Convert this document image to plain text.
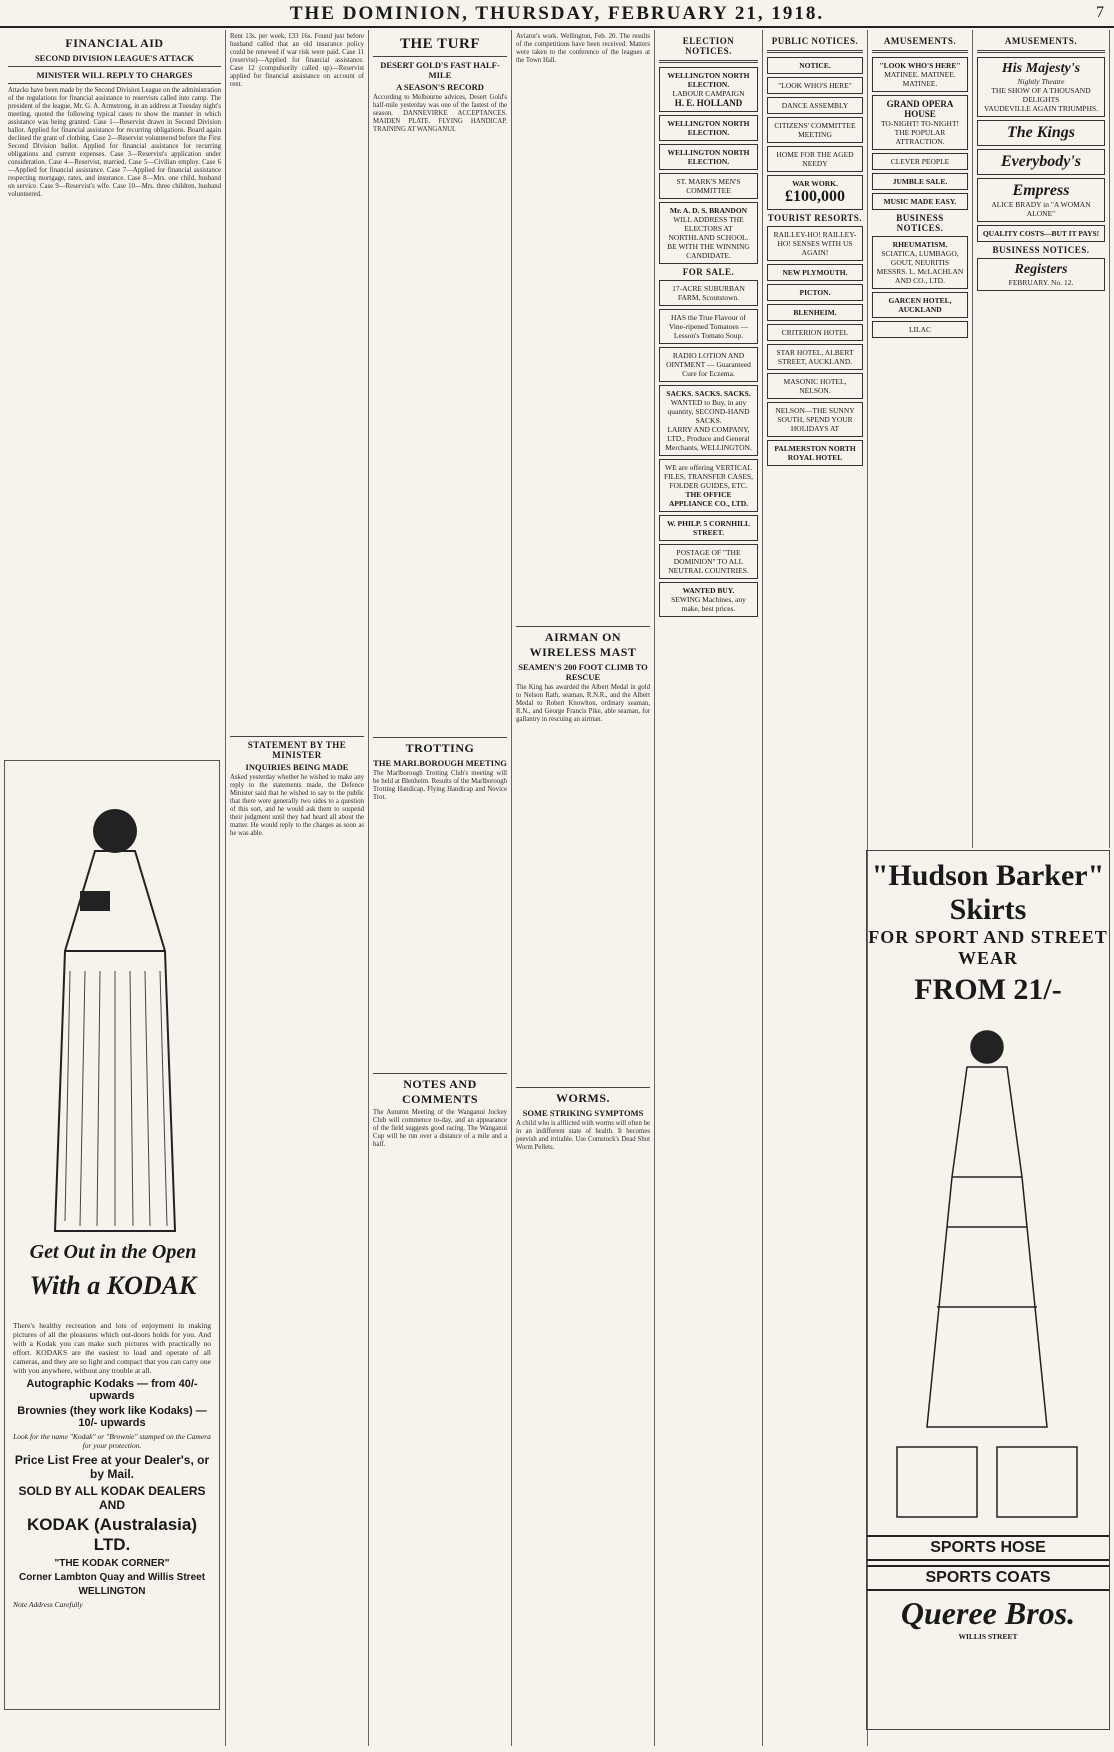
THE DOMINION, THURSDAY, FEBRUARY 21, 1918.	7
FINANCIAL AID
SECOND DIVISION LEAGUE'S ATTACK
MINISTER WILL REPLY TO CHARGES
Attacks have been made by the Second Division League on the administration of the regulations for financial assistance to reservists called into camp. The president of the league, Mr. G. A. Armstrong, in an address at Tuesday night's meeting, quoted the following typical cases to show the manner in which assistance was being granted. Case 1—Reservist drawn in Second Division ballot. Applied for financial assistance for recurring obligations. Board again declined the grant of clothing. Case 2—Reservist volunteered before the First Second Division ballot. Applied for financial assistance for recurring obligations and current expenses. Case 3—Reservist's application under consideration. Case 4—Reservist, married. Case 5—Civilian employ. Case 6—Applied for financial assistance. Case 7—Applied for financial assistance respecting mortgage, rates, and insurance. Case 8—Mrs. one child, husband on service. Case 9—Reservist's wife. Case 10—Mrs. three children, husband volunteered.
Get Out in the Open
With a KODAK
There's healthy recreation and lots of enjoyment in making pictures of all the pleasures which out-doors holds for you. And with a Kodak you can make such pictures with practically no effort. KODAKS are the easiest to load and operate of all cameras, and they are so light and compact that you can carry one with you anywhere, without any trouble at all.
Autographic Kodaks — from 40/- upwards
Brownies (they work like Kodaks) — 10/- upwards
Look for the name "Kodak" or "Brownie" stamped on the Camera for your protection.
Price List Free at your Dealer's, or by Mail.
SOLD BY ALL KODAK DEALERS AND
KODAK (Australasia) LTD.
"THE KODAK CORNER"
Corner Lambton Quay and Willis Street
WELLINGTON
Note Address Carefully
Rent 13s. per week, £33 16s. Found just before husband called that an old insurance policy could be renewed if war risk were paid. Case 11 (reservist)—Applied for financial assistance. Case 12 (compulsorily called up)—Reservist applied for financial assistance on account of rent.
STATEMENT BY THE MINISTER
INQUIRIES BEING MADE
Asked yesterday whether he wished to make any reply to the statements made, the Defence Minister said that he wished to say to the public that there were generally two sides to a question of this sort, and he would ask them to suspend their judgment until they had heard all about the matter. He would reply to the charges as soon as he was able.
THE TURF
DESERT GOLD'S FAST HALF-MILE
A SEASON'S RECORD
According to Melbourne advices, Desert Gold's half-mile yesterday was one of the fastest of the season. DANNEVIRKE ACCEPTANCES. MAIDEN PLATE. FLYING HANDICAP. TRAINING AT WANGANUI.
TROTTING
THE MARLBOROUGH MEETING
The Marlborough Trotting Club's meeting will be held at Blenheim. Results of the Marlborough Trotting Handicap, Flying Handicap and Novice Trot.
NOTES AND COMMENTS
The Autumn Meeting of the Wanganui Jockey Club will commence to-day, and an appearance of the field suggests good racing. The Wanganui Cup will be run over a distance of a mile and a half.
Aviator's work. Wellington, Feb. 20. The results of the competitions have been received. Matters were taken to the conference of the leagues at the Town Hall.
AIRMAN ON WIRELESS MAST
SEAMEN'S 200 FOOT CLIMB TO RESCUE
The King has awarded the Albert Medal in gold to Nelson Rath, seaman, R.N.R., and the Albert Medal to Robert Knowlton, ordinary seaman, R.N., and George Francis Pike, able seaman, for gallantry in rescuing an airman.
WORMS.
SOME STRIKING SYMPTOMS
A child who is afflicted with worms will often be in an indifferent state of health. It becomes peevish and irritable. Use Comstock's Dead Shot Worm Pellets.
ELECTION NOTICES.
WELLINGTON NORTH ELECTION.
LABOUR CAMPAIGN
H. E. HOLLAND
WELLINGTON NORTH ELECTION.
WELLINGTON NORTH ELECTION.
ST. MARK'S MEN'S COMMITTEE
Mr. A. D. S. BRANDON
WILL ADDRESS THE ELECTORS AT NORTHLAND SCHOOL.
BE WITH THE WINNING CANDIDATE.
FOR SALE.
17-ACRE SUBURBAN FARM, Scoutstown.
HAS the True Flavour of Vine-ripened Tomatoes — Lesson's Tomato Soup.
RADIO LOTION AND OINTMENT — Guaranteed Cure for Eczema.
SACKS. SACKS. SACKS.
WANTED to Buy, in any quantity, SECOND-HAND SACKS.
LARRY AND COMPANY, LTD., Produce and General Merchants, WELLINGTON.
WE are offering VERTICAL FILES, TRANSFER CASES, FOLDER GUIDES, ETC.
THE OFFICE APPLIANCE CO., LTD.
W. PHILP. 5 CORNHILL STREET.
POSTAGE OF "THE DOMINION" TO ALL NEUTRAL COUNTRIES.
WANTED BUY.
SEWING Machines, any make, best prices.
PUBLIC NOTICES.
NOTICE.
"LOOK WHO'S HERE"
DANCE ASSEMBLY
CITIZENS' COMMITTEE MEETING
HOME FOR THE AGED NEEDY
WAR WORK.
£100,000
TOURIST RESORTS.
RAILLEY-HO! RAILLEY-HO! SENSES WITH US AGAIN!
NEW PLYMOUTH.
PICTON.
BLENHEIM.
CRITERION HOTEL
STAR HOTEL, ALBERT STREET, AUCKLAND.
MASONIC HOTEL, NELSON.
NELSON—THE SUNNY SOUTH, SPEND YOUR HOLIDAYS AT
PALMERSTON NORTH
ROYAL HOTEL
AMUSEMENTS.
"LOOK WHO'S HERE"
MATINEE. MATINEE. MATINEE.
GRAND OPERA HOUSE
TO-NIGHT! TO-NIGHT!
THE POPULAR ATTRACTION.
CLEVER PEOPLE
JUMBLE SALE.
MUSIC MADE EASY.
BUSINESS NOTICES.
RHEUMATISM.
SCIATICA, LUMBAGO, GOUT, NEURITIS
MESSRS. L. McLACHLAN AND CO., LTD.
GARCEN HOTEL, AUCKLAND
LILAC
AMUSEMENTS.
His Majesty's
Nightly Theatre
THE SHOW OF A THOUSAND DELIGHTS
VAUDEVILLE AGAIN TRIUMPHS.
The Kings
Everybody's
Empress
ALICE BRADY in "A WOMAN ALONE"
QUALITY COSTS—BUT IT PAYS!
BUSINESS NOTICES.
Registers
FEBRUARY. No. 12.
"Hudson Barker" Skirts
FOR SPORT AND STREET WEAR
FROM 21/-
SPORTS HOSE
SPORTS COATS
Queree Bros.
WILLIS STREET
